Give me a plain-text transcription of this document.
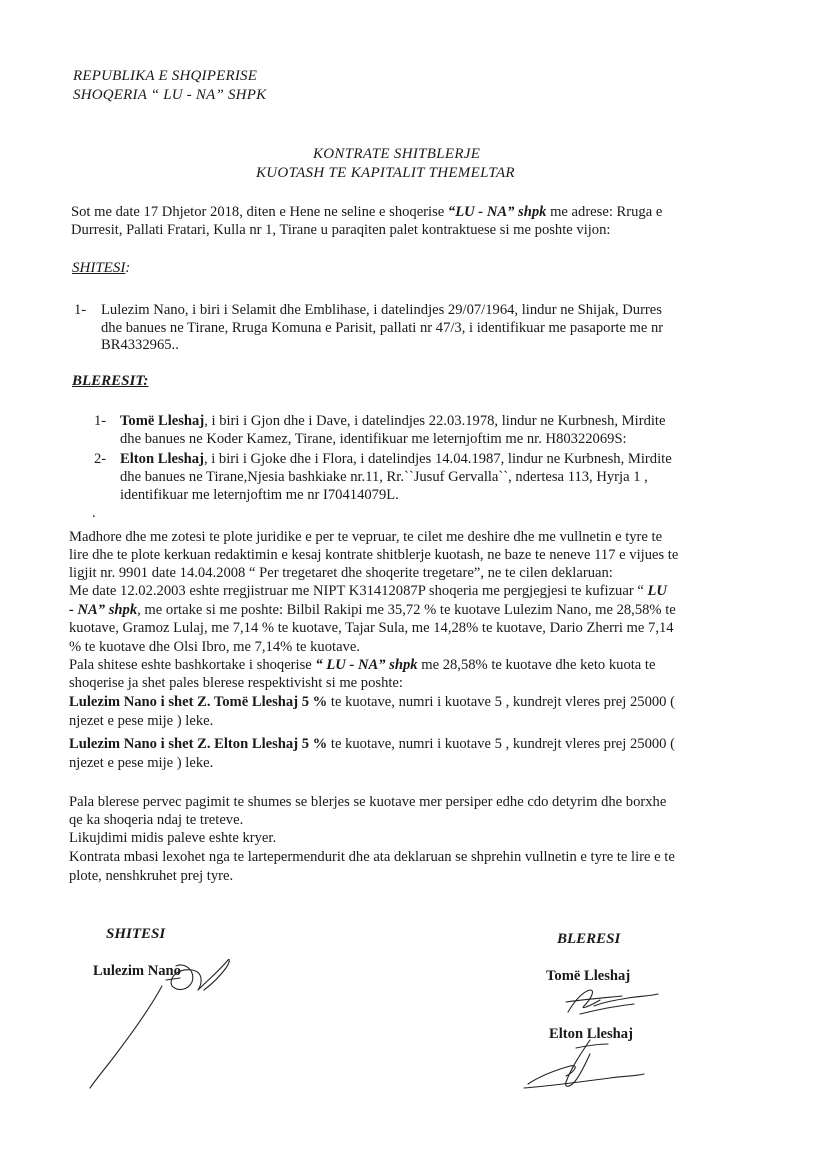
REPUBLIKA E SHQIPERISE
SHOQERIA “ LU - NA” SHPK
KONTRATE SHITBLERJE
KUOTASH TE KAPITALIT THEMELTAR
Sot me date 17 Dhjetor 2018, diten e Hene ne seline e shoqerise “LU - NA” shpk me adrese: Rruga e
Durresit, Pallati Fratari, Kulla nr 1, Tirane u paraqiten palet kontraktuese si me poshte vijon:
SHITESI:
1- Lulezim Nano, i biri i Selamit dhe Emblihase, i datelindjes 29/07/1964, lindur ne Shijak, Durres
dhe banues ne Tirane, Rruga Komuna e Parisit, pallati nr 47/3, i identifikuar me pasaporte me nr
BR4332965..
BLERESIT:
1- Tomë Lleshaj, i biri i Gjon dhe i Dave, i datelindjes 22.03.1978, lindur ne Kurbnesh, Mirdite
dhe banues ne Koder Kamez, Tirane, identifikuar me leternjoftim me nr. H80322069S:
2- Elton Lleshaj, i biri i Gjoke dhe i Flora, i datelindjes 14.04.1987, lindur ne Kurbnesh, Mirdite
dhe banues ne Tirane,Njesia bashkiake nr.11, Rr.``Jusuf Gervalla``, ndertesa 113, Hyrja 1 ,
identifikuar me leternjoftim me nr I70414079L.
.
Madhore dhe me zotesi te plote juridike e per te vepruar, te cilet me deshire dhe me vullnetin e tyre te
lire dhe te plote kerkuan redaktimin e kesaj kontrate shitblerje kuotash, ne baze te neneve 117 e vijues te
ligjit nr. 9901 date 14.04.2008 “ Per tregetaret dhe shoqerite tregetare”, ne te cilen deklaruan:
Me date 12.02.2003 eshte rregjistruar me NIPT K31412087P shoqeria me pergjegjesi te kufizuar “ LU
- NA” shpk, me ortake si me poshte: Bilbil Rakipi me 35,72 % te kuotave Lulezim Nano, me 28,58% te
kuotave, Gramoz Lulaj, me 7,14 % te kuotave, Tajar Sula, me 14,28% te kuotave, Dario Zherri me 7,14
% te kuotave dhe Olsi Ibro, me 7,14% te kuotave.
Pala shitese eshte bashkortake i shoqerise “ LU - NA” shpk me 28,58% te kuotave dhe keto kuota te
shoqerise ja shet pales blerese respektivisht si me poshte:
Lulezim Nano i shet Z. Tomë Lleshaj 5 % te kuotave, numri i kuotave 5 , kundrejt vleres prej 25000 (
njezet e pese mije ) leke.
Lulezim Nano i shet Z. Elton Lleshaj 5 % te kuotave, numri i kuotave 5 , kundrejt vleres prej 25000 (
njezet e pese mije ) leke.
Pala blerese pervec pagimit te shumes se blerjes se kuotave mer persiper edhe cdo detyrim dhe borxhe
qe ka shoqeria ndaj te treteve.
Likujdimi midis paleve eshte kryer.
Kontrata mbasi lexohet nga te lartepermendurit dhe ata deklaruan se shprehin vullnetin e tyre te lire e te
plote, nenshkruhet prej tyre.
SHITESI
Lulezim Nano
BLERESI
Tomë Lleshaj
Elton Lleshaj
